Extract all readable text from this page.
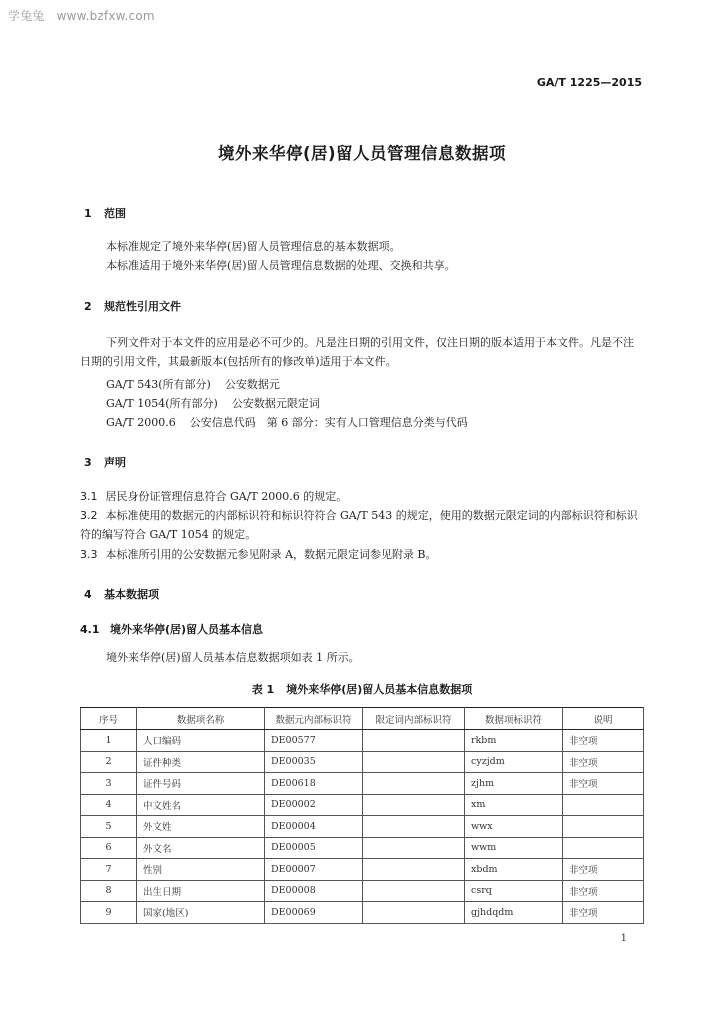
学兔兔 www.bzfxw.com
GA/T 1225—2015
境外来华停(居)留人员管理信息数据项
1 范围
本标准规定了境外来华停(居)留人员管理信息的基本数据项。
本标准适用于境外来华停(居)留人员管理信息数据的处理、交换和共享。
2 规范性引用文件
下列文件对于本文件的应用是必不可少的。凡是注日期的引用文件，仅注日期的版本适用于本文件。凡是不注日期的引用文件，其最新版本(包括所有的修改单)适用于本文件。
GA/T 543(所有部分) 公安数据元
GA/T 1054(所有部分) 公安数据元限定词
GA/T 2000.6 公安信息代码　第 6 部分：实有人口管理信息分类与代码
3 声明
3.1 居民身份证管理信息符合 GA/T 2000.6 的规定。
3.2 本标准使用的数据元的内部标识符和标识符符合 GA/T 543 的规定，使用的数据元限定词的内部标识符和标识符的编写符合 GA/T 1054 的规定。
3.3 本标准所引用的公安数据元参见附录 A，数据元限定词参见附录 B。
4 基本数据项
4.1 境外来华停(居)留人员基本信息
境外来华停(居)留人员基本信息数据项如表 1 所示。
表 1 境外来华停(居)留人员基本信息数据项
序号	数据项名称	数据元内部标识符	限定词内部标识符	数据项标识符	说明
1	人口编码	DE00577		rkbm	非空项
2	证件种类	DE00035		cyzjdm	非空项
3	证件号码	DE00618		zjhm	非空项
4	中文姓名	DE00002		xm	
5	外文姓	DE00004		wwx	
6	外文名	DE00005		wwm	
7	性别	DE00007		xbdm	非空项
8	出生日期	DE00008		csrq	非空项
9	国家(地区)	DE00069		gjhdqdm	非空项
1
